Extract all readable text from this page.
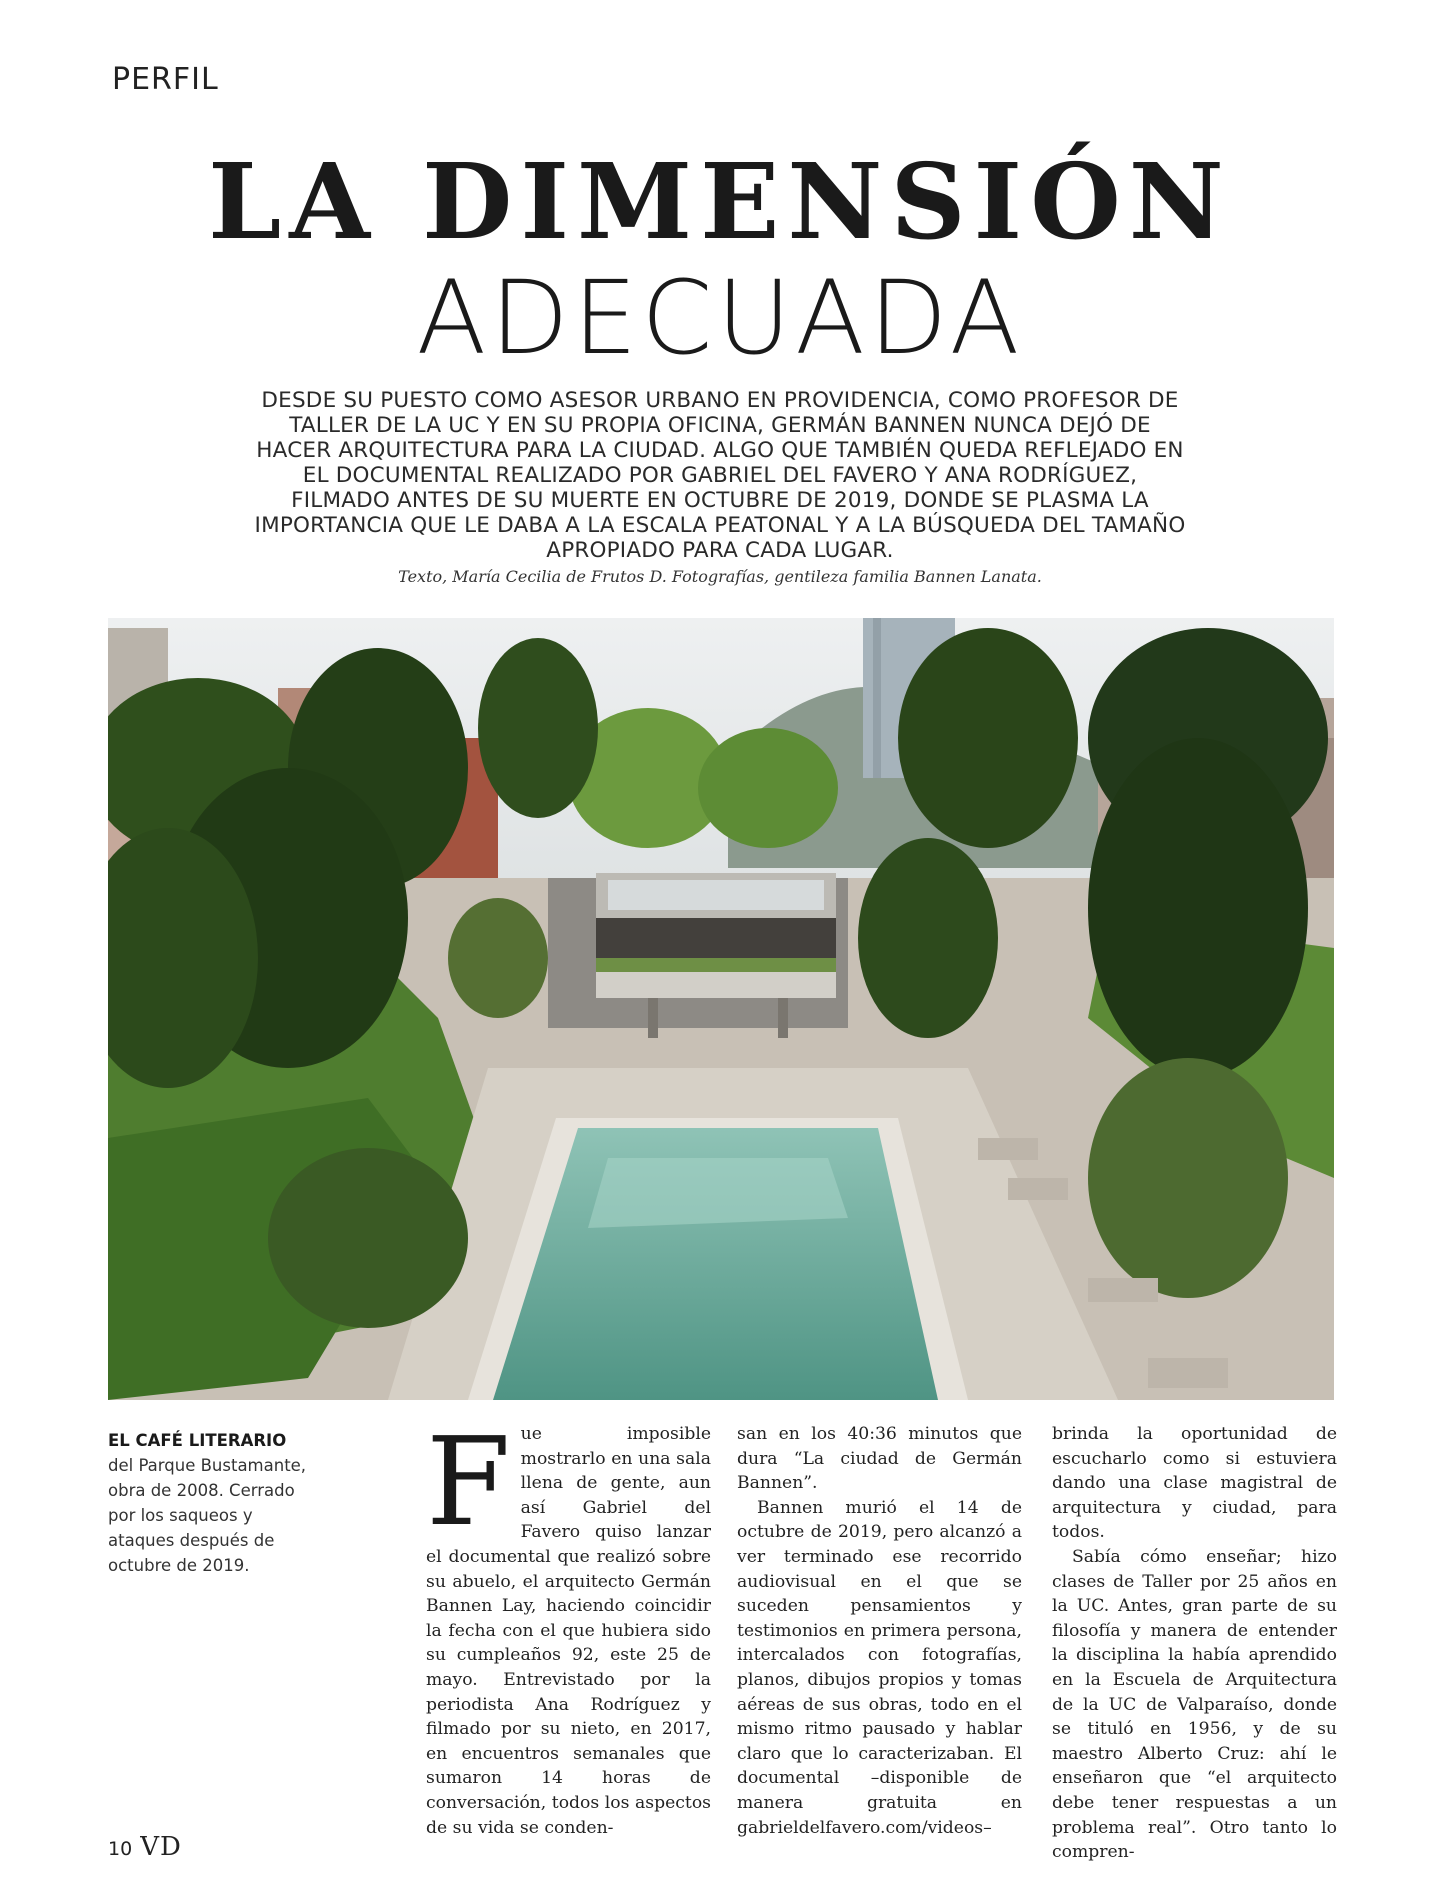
PERFIL
LA DIMENSIÓN
ADECUADA

DESDE SU PUESTO COMO ASESOR URBANO EN PROVIDENCIA, COMO PROFESOR DE TALLER DE LA UC Y EN SU PROPIA OFICINA, GERMÁN BANNEN NUNCA DEJÓ DE HACER ARQUITECTURA PARA LA CIUDAD. ALGO QUE TAMBIÉN QUEDA REFLEJADO EN EL DOCUMENTAL REALIZADO POR GABRIEL DEL FAVERO Y ANA RODRÍGUEZ, FILMADO ANTES DE SU MUERTE EN OCTUBRE DE 2019, DONDE SE PLASMA LA IMPORTANCIA QUE LE DABA A LA ESCALA PEATONAL Y A LA BÚSQUEDA DEL TAMAÑO APROPIADO PARA CADA LUGAR.

Texto, María Cecilia de Frutos D. Fotografías, gentileza familia Bannen Lanata.

EL CAFÉ LITERARIO
del Parque Bustamante, obra de 2008. Cerrado por los saqueos y ataques después de octubre de 2019.
F ue imposible mostrarlo en una sala llena de gente, aun así Gabriel del Favero quiso lanzar el documental que realizó sobre su abuelo, el arquitecto Germán Bannen Lay, haciendo coincidir la fecha con el que hubiera sido su cumpleaños 92, este 25 de mayo. Entrevistado por la periodista Ana Rodríguez y filmado por su nieto, en 2017, en encuentros semanales que sumaron 14 horas de conversación, todos los aspectos de su vida se conden-

san en los 40:36 minutos que dura “La ciudad de Germán Bannen”.

Bannen murió el 14 de octubre de 2019, pero alcanzó a ver terminado ese recorrido audiovisual en el que se suceden pensamientos y testimonios en primera persona, intercalados con fotografías, planos, dibujos propios y tomas aéreas de sus obras, todo en el mismo ritmo pausado y hablar claro que lo caracterizaban. El documental –disponible de manera gratuita en gabrieldelfavero.com/videos–

brinda la oportunidad de escucharlo como si estuviera dando una clase magistral de arquitectura y ciudad, para todos.

Sabía cómo enseñar; hizo clases de Taller por 25 años en la UC. Antes, gran parte de su filosofía y manera de entender la disciplina la había aprendido en la Escuela de Arquitectura de la UC de Valparaíso, donde se tituló en 1956, y de su maestro Alberto Cruz: ahí le enseñaron que “el arquitecto debe tener respuestas a un problema real”. Otro tanto lo compren-

10 VD
